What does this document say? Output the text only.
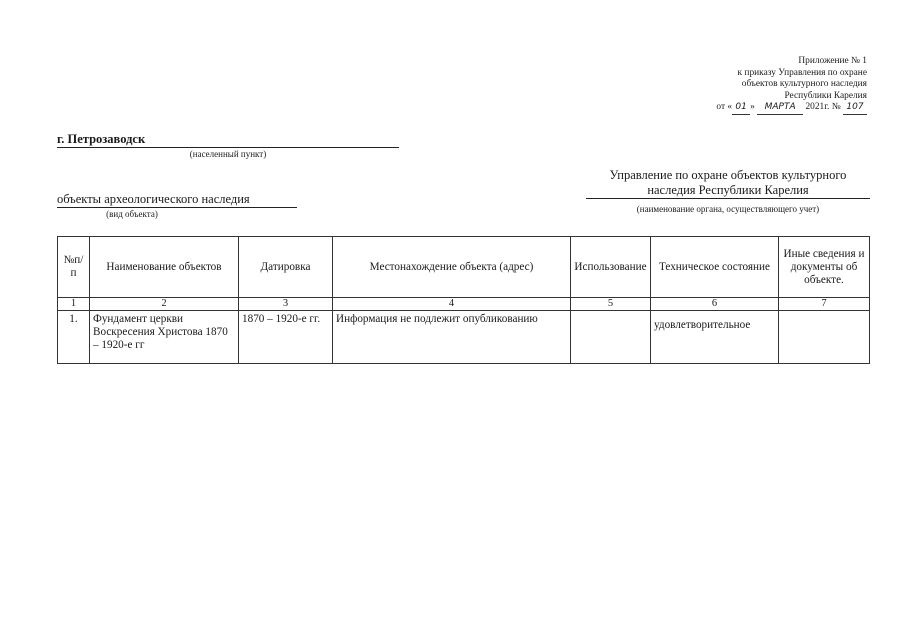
Приложение № 1
к приказу Управления по охране
объектов культурного наследия
Республики Карелия
от « 01 » МАРТА 2021г. № 107
г. Петрозаводск
(населенный пункт)
Управление по охране объектов культурного наследия Республики Карелия
(наименование органа, осуществляющего учет)
объекты археологического наследия
(вид объекта)
№п/п	Наименование объектов	Датировка	Местонахождение объекта (адрес)	Использование	Техническое состояние	Иные сведения и документы об объекте.
1	2	3	4	5	6	7
1.	Фундамент церкви Воскресения Христова 1870 – 1920-е гг	1870 – 1920-е гг.	Информация не подлежит опубликованию		удовлетворительное	
